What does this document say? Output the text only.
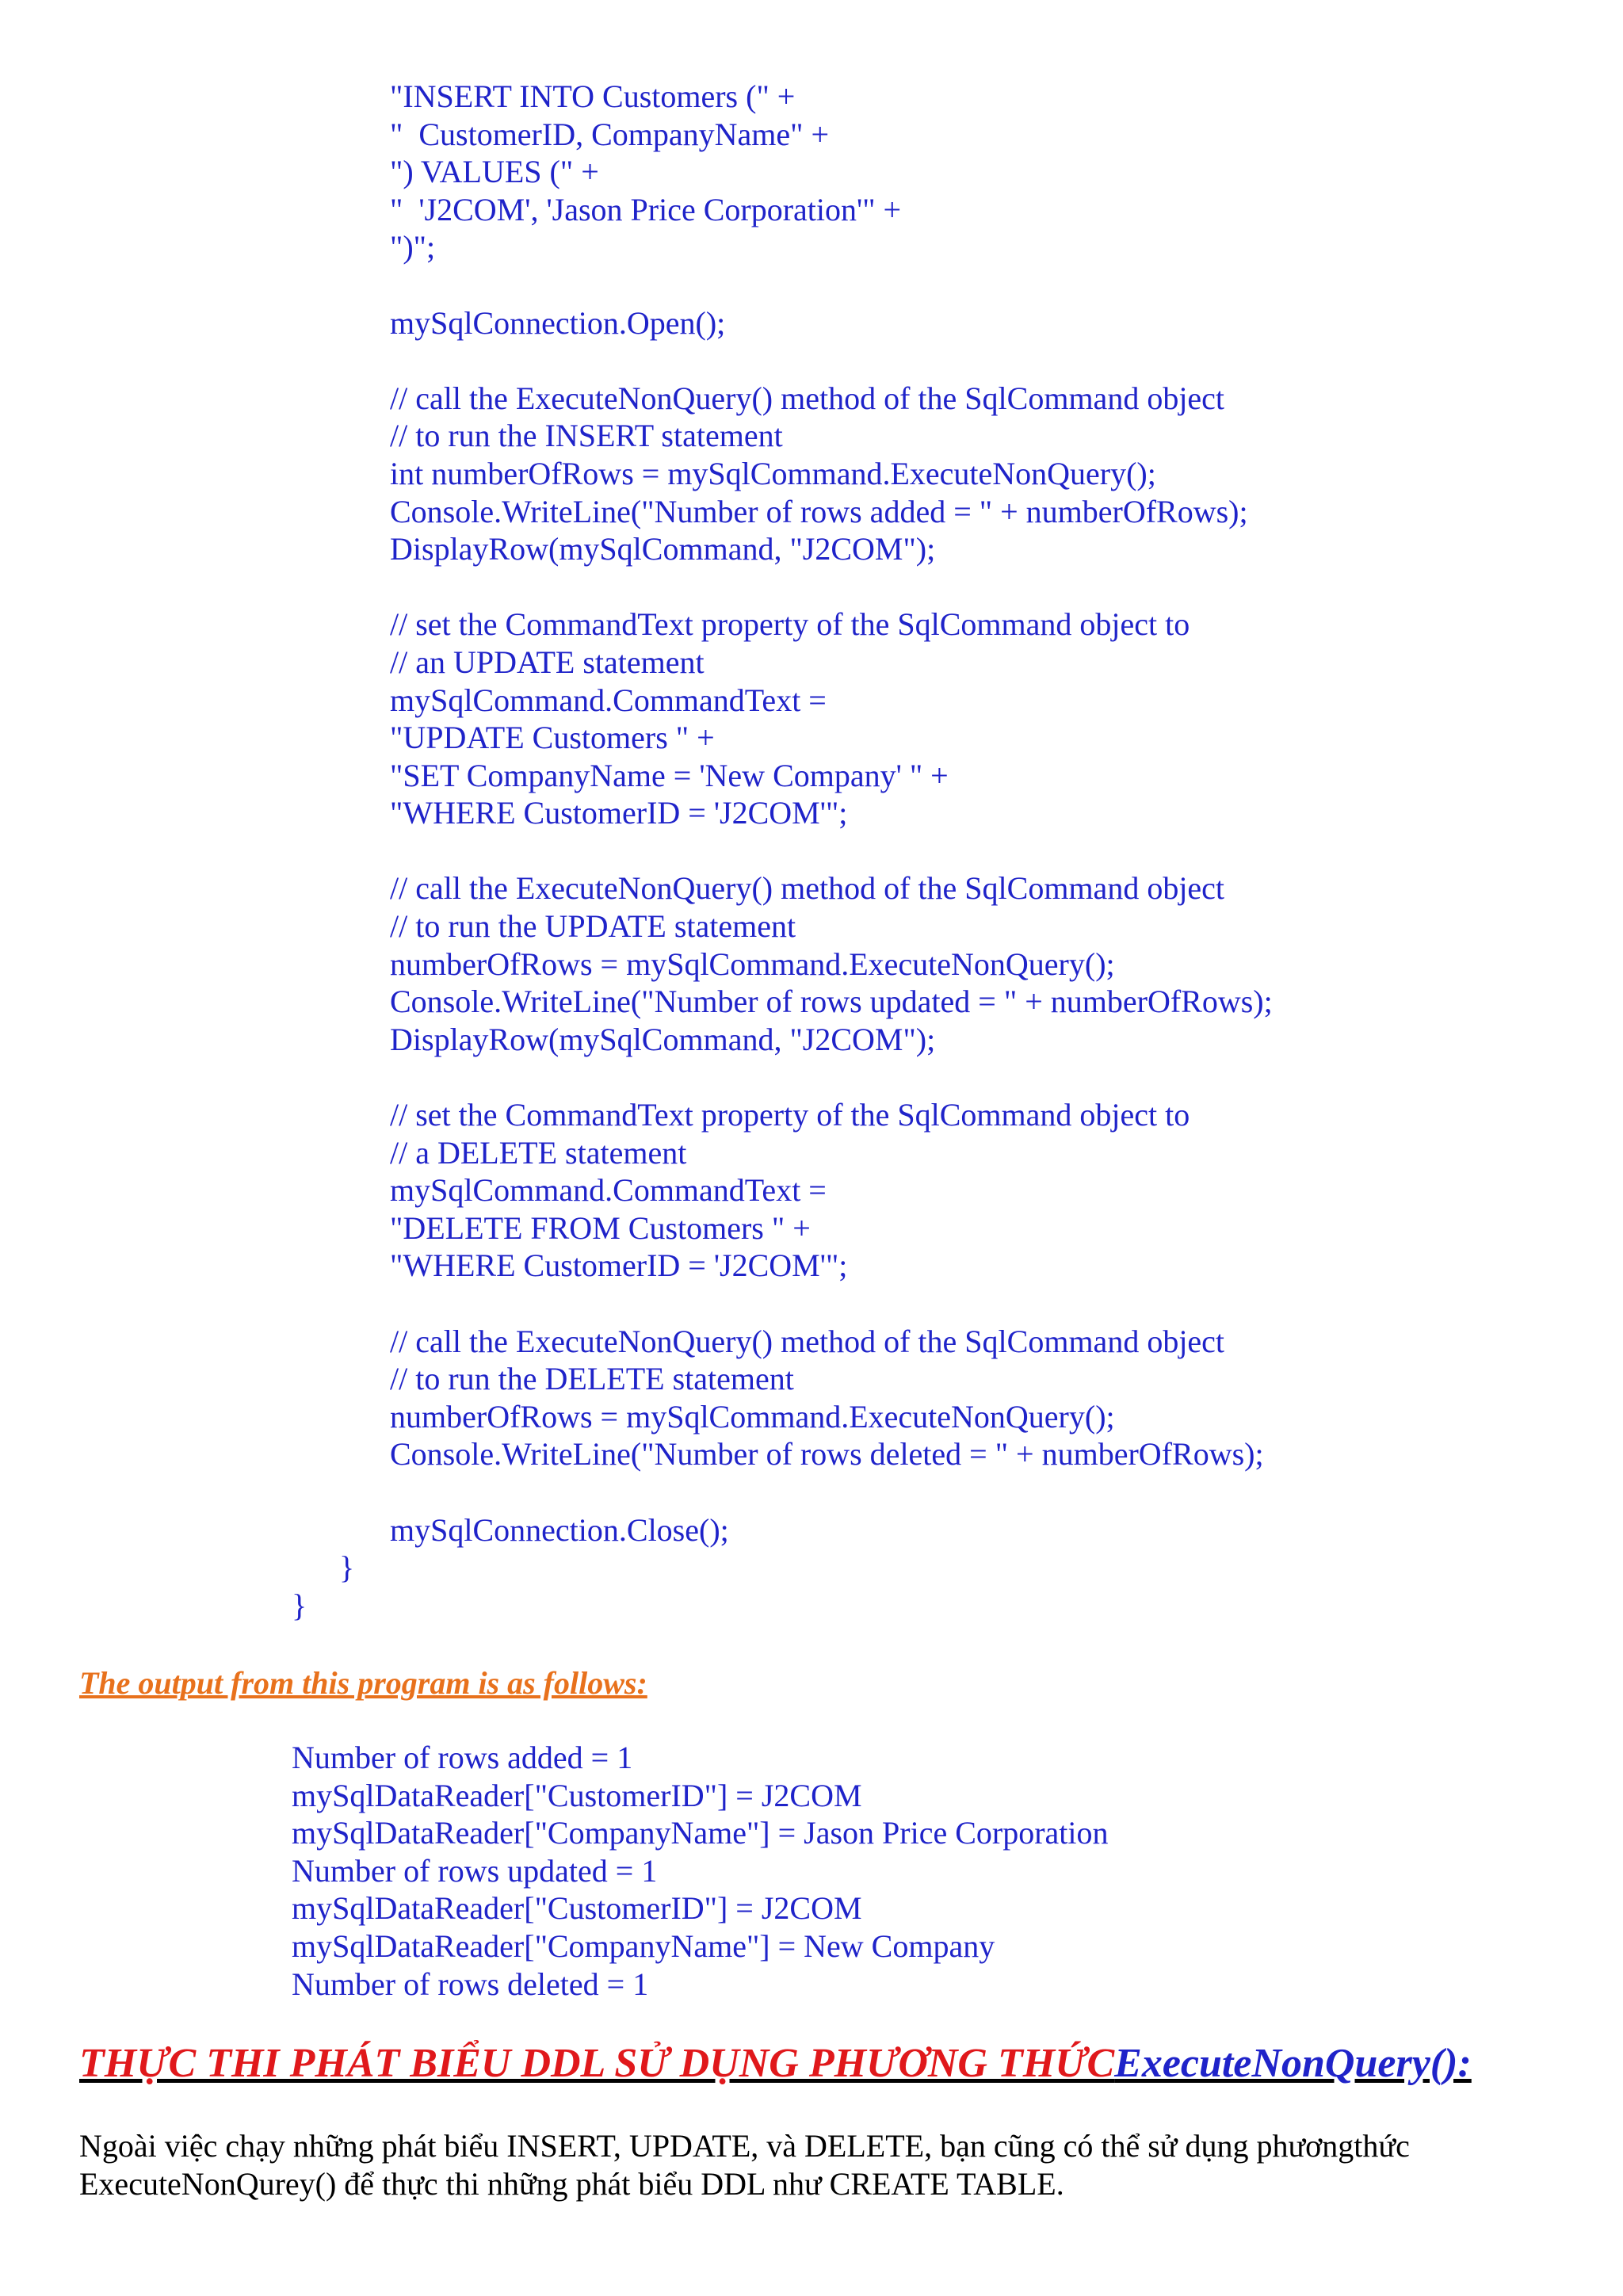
"INSERT INTO Customers (" +
"  CustomerID, CompanyName" +
") VALUES (" +
"  'J2COM', 'Jason Price Corporation'" +
")";
mySqlConnection.Open();
// call the ExecuteNonQuery() method of the SqlCommand object
// to run the INSERT statement
int numberOfRows = mySqlCommand.ExecuteNonQuery();
Console.WriteLine("Number of rows added = " + numberOfRows);
DisplayRow(mySqlCommand, "J2COM");
// set the CommandText property of the SqlCommand object to
// an UPDATE statement
mySqlCommand.CommandText =
"UPDATE Customers " +
"SET CompanyName = 'New Company' " +
"WHERE CustomerID = 'J2COM'";
// call the ExecuteNonQuery() method of the SqlCommand object
// to run the UPDATE statement
numberOfRows = mySqlCommand.ExecuteNonQuery();
Console.WriteLine("Number of rows updated = " + numberOfRows);
DisplayRow(mySqlCommand, "J2COM");
// set the CommandText property of the SqlCommand object to
// a DELETE statement
mySqlCommand.CommandText =
"DELETE FROM Customers " +
"WHERE CustomerID = 'J2COM'";
// call the ExecuteNonQuery() method of the SqlCommand object
// to run the DELETE statement
numberOfRows = mySqlCommand.ExecuteNonQuery();
Console.WriteLine("Number of rows deleted = " + numberOfRows);
mySqlConnection.Close();
}
}
The output from this program is as follows:
Number of rows added = 1
mySqlDataReader["CustomerID"] = J2COM
mySqlDataReader["CompanyName"] = Jason Price Corporation
Number of rows updated = 1
mySqlDataReader["CustomerID"] = J2COM
mySqlDataReader["CompanyName"] = New Company
Number of rows deleted = 1
THỰC THI PHÁT BIỂU DDL SỬ DỤNG PHƯƠNG THỨCExecuteNonQuery():
Ngoài việc chạy những phát biểu INSERT, UPDATE, và DELETE, bạn cũng có thể sử dụng phươngthức ExecuteNonQurey() để thực thi những phát biểu DDL như CREATE TABLE.
